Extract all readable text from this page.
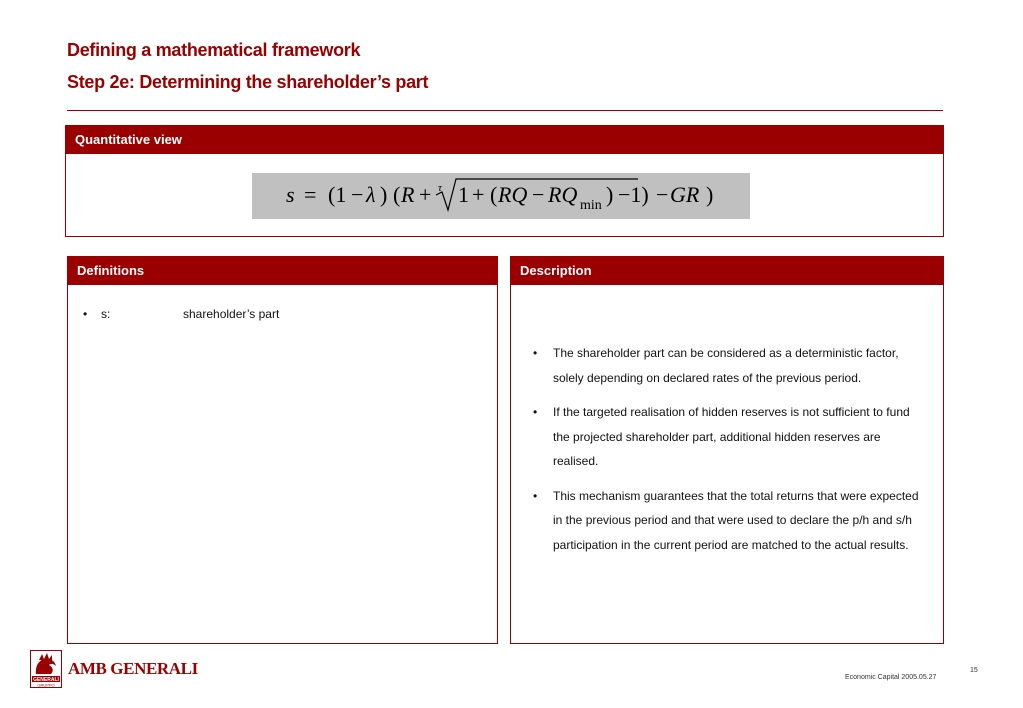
Defining a mathematical framework
Step 2e: Determining the shareholder’s part
Quantitative view
s = (1 − λ ) ( R + τ 1 + ( RQ − RQ min ) −1) − GR )
Definitions
•	s:	shareholder’s part
Description
• The shareholder part can be considered as a deterministic factor, solely depending on declared rates of the previous period.
• If the targeted realisation of hidden reserves is not sufficient to fund the projected shareholder part, additional hidden reserves are realised.
• This mechanism guarantees that the total returns that were expected in the previous period and that were used to declare the p/h and s/h participation in the current period are matched to the actual results.
GENERALI
GRUPPO
AMB GENERALI	15
Economic Capital 2005.05.27
